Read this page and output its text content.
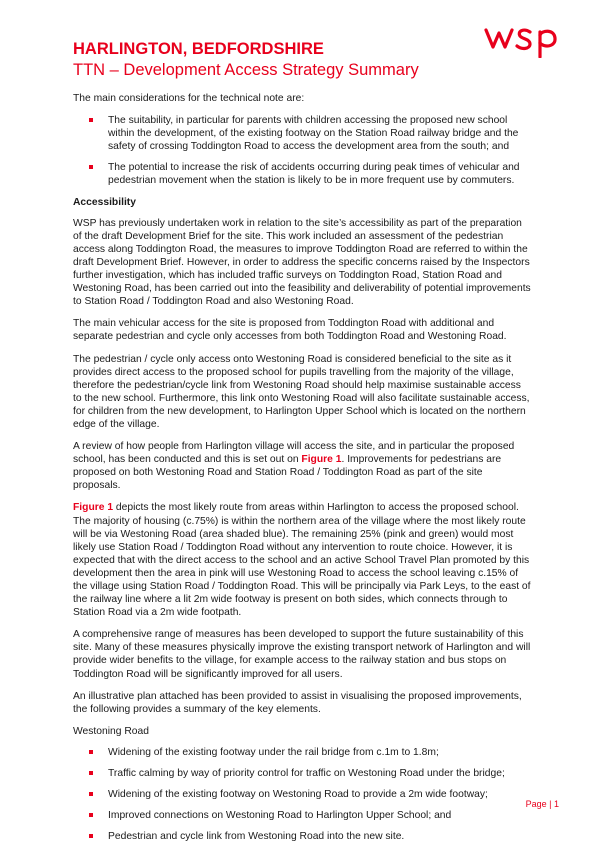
HARLINGTON, BEDFORDSHIRE
TTN – Development Access Strategy Summary

The main considerations for the technical note are:

The suitability, in particular for parents with children accessing the proposed new school within the development, of the existing footway on the Station Road railway bridge and the safety of crossing Toddington Road to access the development area from the south; and
The potential to increase the risk of accidents occurring during peak times of vehicular and pedestrian movement when the station is likely to be in more frequent use by commuters.
Accessibility

WSP has previously undertaken work in relation to the site’s accessibility as part of the preparation of the draft Development Brief for the site. This work included an assessment of the pedestrian access along Toddington Road, the measures to improve Toddington Road are referred to within the draft Development Brief. However, in order to address the specific concerns raised by the Inspectors further investigation, which has included traffic surveys on Toddington Road, Station Road and Westoning Road, has been carried out into the feasibility and deliverability of potential improvements to Station Road / Toddington Road and also Westoning Road.

The main vehicular access for the site is proposed from Toddington Road with additional and separate pedestrian and cycle only accesses from both Toddington Road and Westoning Road.

The pedestrian / cycle only access onto Westoning Road is considered beneficial to the site as it provides direct access to the proposed school for pupils travelling from the majority of the village, therefore the pedestrian/cycle link from Westoning Road should help maximise sustainable access to the new school. Furthermore, this link onto Westoning Road will also facilitate sustainable access, for children from the new development, to Harlington Upper School which is located on the northern edge of the village.

A review of how people from Harlington village will access the site, and in particular the proposed school, has been conducted and this is set out on Figure 1. Improvements for pedestrians are proposed on both Westoning Road and Station Road / Toddington Road as part of the site proposals.

Figure 1 depicts the most likely route from areas within Harlington to access the proposed school. The majority of housing (c.75%) is within the northern area of the village where the most likely route will be via Westoning Road (area shaded blue). The remaining 25% (pink and green) would most likely use Station Road / Toddington Road without any intervention to route choice. However, it is expected that with the direct access to the school and an active School Travel Plan promoted by this development then the area in pink will use Westoning Road to access the school leaving c.15% of the village using Station Road / Toddington Road. This will be principally via Park Leys, to the east of the railway line where a lit 2m wide footway is present on both sides, which connects through to Station Road via a 2m wide footpath.

A comprehensive range of measures has been developed to support the future sustainability of this site. Many of these measures physically improve the existing transport network of Harlington and will provide wider benefits to the village, for example access to the railway station and bus stops on Toddington Road will be significantly improved for all users.

An illustrative plan attached has been provided to assist in visualising the proposed improvements, the following provides a summary of the key elements.

Westoning Road

Widening of the existing footway under the rail bridge from c.1m to 1.8m;
Traffic calming by way of priority control for traffic on Westoning Road under the bridge;
Widening of the existing footway on Westoning Road to provide a 2m wide footway;
Improved connections on Westoning Road to Harlington Upper School; and
Pedestrian and cycle link from Westoning Road into the new site.
Page | 1
